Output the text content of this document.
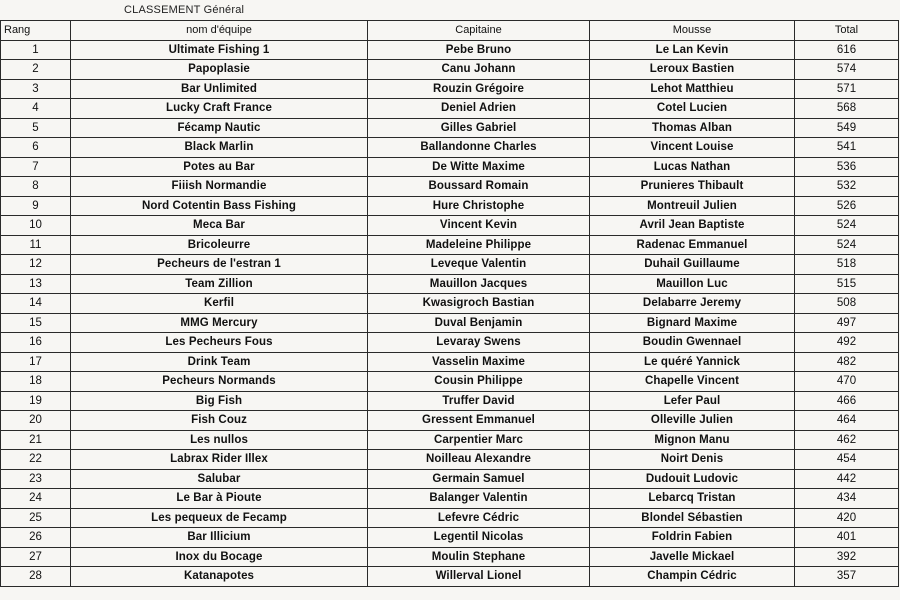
CLASSEMENT Général
Rang	nom d'équipe	Capitaine	Mousse	Total
1	Ultimate Fishing 1	Pebe Bruno	Le Lan Kevin	616
2	Papoplasie	Canu Johann	Leroux Bastien	574
3	Bar Unlimited	Rouzin Grégoire	Lehot Matthieu	571
4	Lucky Craft France	Deniel Adrien	Cotel Lucien	568
5	Fécamp Nautic	Gilles Gabriel	Thomas Alban	549
6	Black Marlin	Ballandonne Charles	Vincent Louise	541
7	Potes au Bar	De Witte Maxime	Lucas Nathan	536
8	Fiiish Normandie	Boussard Romain	Prunieres Thibault	532
9	Nord Cotentin Bass Fishing	Hure Christophe	Montreuil Julien	526
10	Meca Bar	Vincent Kevin	Avril Jean Baptiste	524
11	Bricoleurre	Madeleine Philippe	Radenac Emmanuel	524
12	Pecheurs de l'estran 1	Leveque Valentin	Duhail Guillaume	518
13	Team Zillion	Mauillon Jacques	Mauillon Luc	515
14	Kerfil	Kwasigroch Bastian	Delabarre Jeremy	508
15	MMG Mercury	Duval Benjamin	Bignard Maxime	497
16	Les Pecheurs Fous	Levaray Swens	Boudin Gwennael	492
17	Drink Team	Vasselin Maxime	Le quéré Yannick	482
18	Pecheurs Normands	Cousin Philippe	Chapelle Vincent	470
19	Big Fish	Truffer David	Lefer Paul	466
20	Fish Couz	Gressent Emmanuel	Olleville Julien	464
21	Les nullos	Carpentier Marc	Mignon Manu	462
22	Labrax Rider Illex	Noilleau Alexandre	Noirt Denis	454
23	Salubar	Germain Samuel	Dudouit Ludovic	442
24	Le Bar à Pioute	Balanger Valentin	Lebarcq Tristan	434
25	Les pequeux de Fecamp	Lefevre Cédric	Blondel Sébastien	420
26	Bar Illicium	Legentil Nicolas	Foldrin Fabien	401
27	Inox du Bocage	Moulin Stephane	Javelle Mickael	392
28	Katanapotes	Willerval Lionel	Champin Cédric	357
